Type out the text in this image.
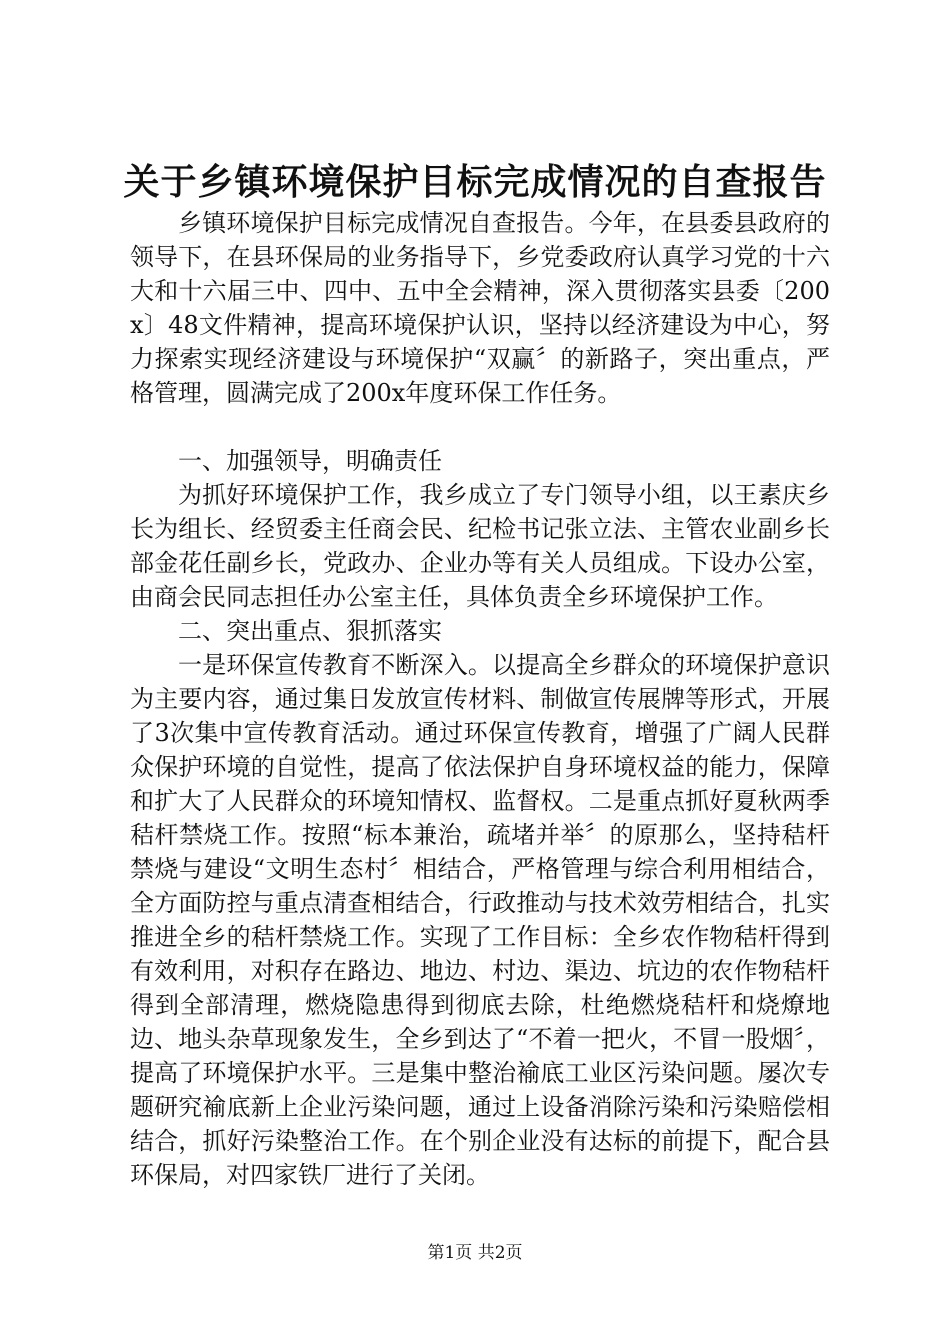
关于乡镇环境保护目标完成情况的自查报告

乡镇环境保护目标完成情况自查报告。今年，在县委县政府的领导下，在县环保局的业务指导下，乡党委政府认真学习党的十六大和十六届三中、四中、五中全会精神，深入贯彻落实县委〔200x〕48文件精神，提高环境保护认识，坚持以经济建设为中心，努力探索实现经济建设与环境保护“双赢〞的新路子，突出重点，严格管理，圆满完成了200x年度环保工作任务。

一、加强领导，明确责任

为抓好环境保护工作，我乡成立了专门领导小组，以王素庆乡长为组长、经贸委主任商会民、纪检书记张立法、主管农业副乡长部金花任副乡长，党政办、企业办等有关人员组成。下设办公室，由商会民同志担任办公室主任，具体负责全乡环境保护工作。

二、突出重点、狠抓落实

一是环保宣传教育不断深入。以提高全乡群众的环境保护意识为主要内容，通过集日发放宣传材料、制做宣传展牌等形式，开展了3次集中宣传教育活动。通过环保宣传教育，增强了广阔人民群众保护环境的自觉性，提高了依法保护自身环境权益的能力，保障和扩大了人民群众的环境知情权、监督权。二是重点抓好夏秋两季秸杆禁烧工作。按照“标本兼治，疏堵并举〞的原那么，坚持秸杆禁烧与建设“文明生态村〞相结合，严格管理与综合利用相结合，全方面防控与重点清查相结合，行政推动与技术效劳相结合，扎实推进全乡的秸杆禁烧工作。实现了工作目标：全乡农作物秸杆得到有效利用，对积存在路边、地边、村边、渠边、坑边的农作物秸杆得到全部清理，燃烧隐患得到彻底去除，杜绝燃烧秸杆和烧燎地边、地头杂草现象发生，全乡到达了“不着一把火，不冒一股烟〞，提高了环境保护水平。三是集中整治褕底工业区污染问题。屡次专题研究褕底新上企业污染问题，通过上设备消除污染和污染赔偿相结合，抓好污染整治工作。在个别企业没有达标的前提下，配合县环保局，对四家铁厂进行了关闭。

第1页 共2页
